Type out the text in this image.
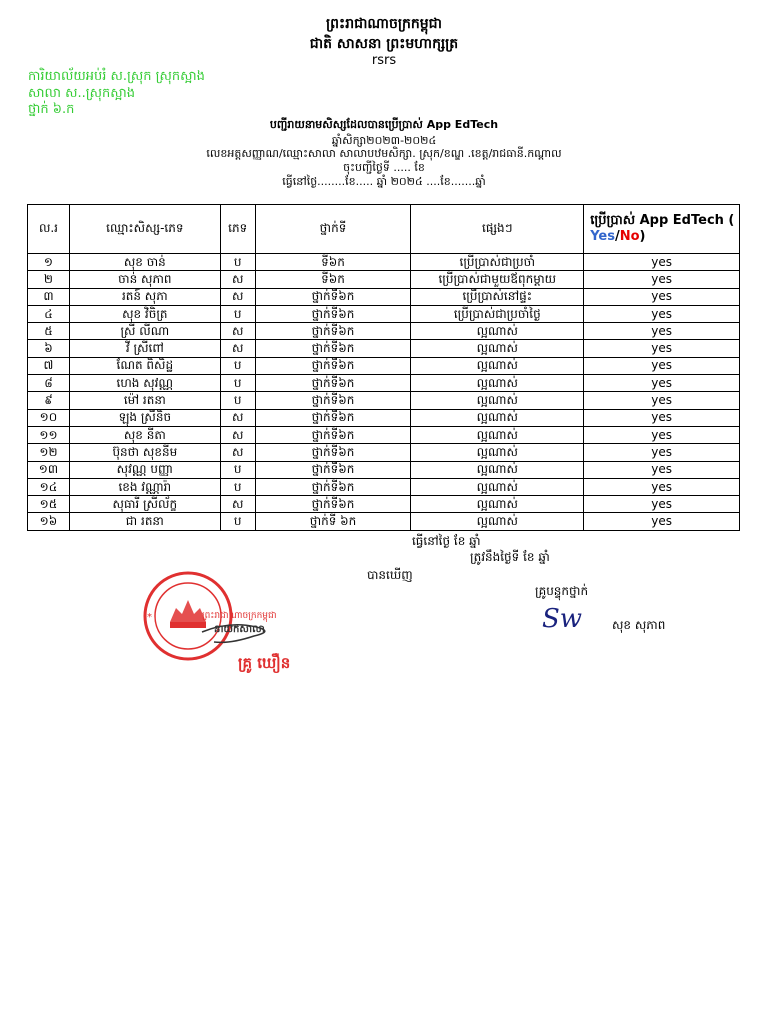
ព្រះរាជាណាចក្រកម្ពុជា
ជាតិ សាសនា ព្រះមហាក្សត្រ
rsrs
ការិយាល័យអប់រំ ស.ស្រុក ស្រុកស្អាង
សាលា ស..ស្រុកស្អាង
ថ្នាក់ ៦.ក
បញ្ជីរាយនាមសិស្សដែលបានប្រើប្រាស់ App EdTech
ឆ្នាំសិក្សា២០២៣-២០២៤
លេខអត្តសញ្ញាណ/ឈ្មោះសាលា សាលាបឋមសិក្សា. ស្រុក/ខណ្ឌ .ខេត្ត/រាជធានី.កណ្តាល
ចុះបញ្ជីថ្ងៃទី ..... ខែ
ធ្វើនៅថ្ងៃ........ខែ..... ឆ្នាំ ២០២៤ ....ខែ.......ឆ្នាំ
ល.រ	ឈ្មោះសិស្ស-ភេទ	ភេទ	ថ្នាក់ទី	ផ្សេងៗ	ប្រើប្រាស់ App EdTech ( Yes/No)
១	សុខ ចាន់	ប	ទី៦ក	ប្រើប្រាស់ជាប្រចាំ	yes
២	ចាន់ សុភាព	ស	ទី៦ក	ប្រើប្រាស់ជាមួយឪពុកម្តាយ	yes
៣	រតន៍ សុភា	ស	ថ្នាក់ទី៦ក	ប្រើប្រាស់នៅផ្ទះ	yes
៤	សុខ វិចិត្រ	ប	ថ្នាក់ទី៦ក	ប្រើប្រាស់ជាប្រចាំថ្ងៃ	yes
៥	ស្រី លីណា	ស	ថ្នាក់ទី៦ក	ល្អណាស់	yes
៦	វី ស្រីពៅ	ស	ថ្នាក់ទី៦ក	ល្អណាស់	yes
៧	ណែត ពិសិដ្ឋ	ប	ថ្នាក់ទី៦ក	ល្អណាស់	yes
៨	ហេង សុវណ្ណ	ប	ថ្នាក់ទី៦ក	ល្អណាស់	yes
៩	ម៉ៅ រតនា	ប	ថ្នាក់ទី៦ក	ល្អណាស់	yes
១០	ឡុង ស្រីនិច	ស	ថ្នាក់ទី៦ក	ល្អណាស់	yes
១១	សុខ នីតា	ស	ថ្នាក់ទី៦ក	ល្អណាស់	yes
១២	ប៊ុនថា សុខនីម	ស	ថ្នាក់ទី៦ក	ល្អណាស់	yes
១៣	សុវណ្ណ បញ្ញា	ប	ថ្នាក់ទី៦ក	ល្អណាស់	yes
១៤	ខេង វណ្ណារ៉ា	ប	ថ្នាក់ទី៦ក	ល្អណាស់	yes
១៥	សុធារី ស្រីល័ក្ខ	ស	ថ្នាក់ទី៦ក	ល្អណាស់	yes
១៦	ជា រតនា	ប	ថ្នាក់ទី ៦ក	ល្អណាស់	yes
ធ្វើនៅថ្ងៃ ខែ ឆ្នាំ
ត្រូវនឹងថ្ងៃទី ខែ ឆ្នាំ
បានឃើញ
គ្រូបន្ទុកថ្នាក់
*	ព្រះរាជាណាចក្រកម្ពុជា
នាយកសាលា
គ្រូ ឃឿន
Sw សុខ សុភាព
